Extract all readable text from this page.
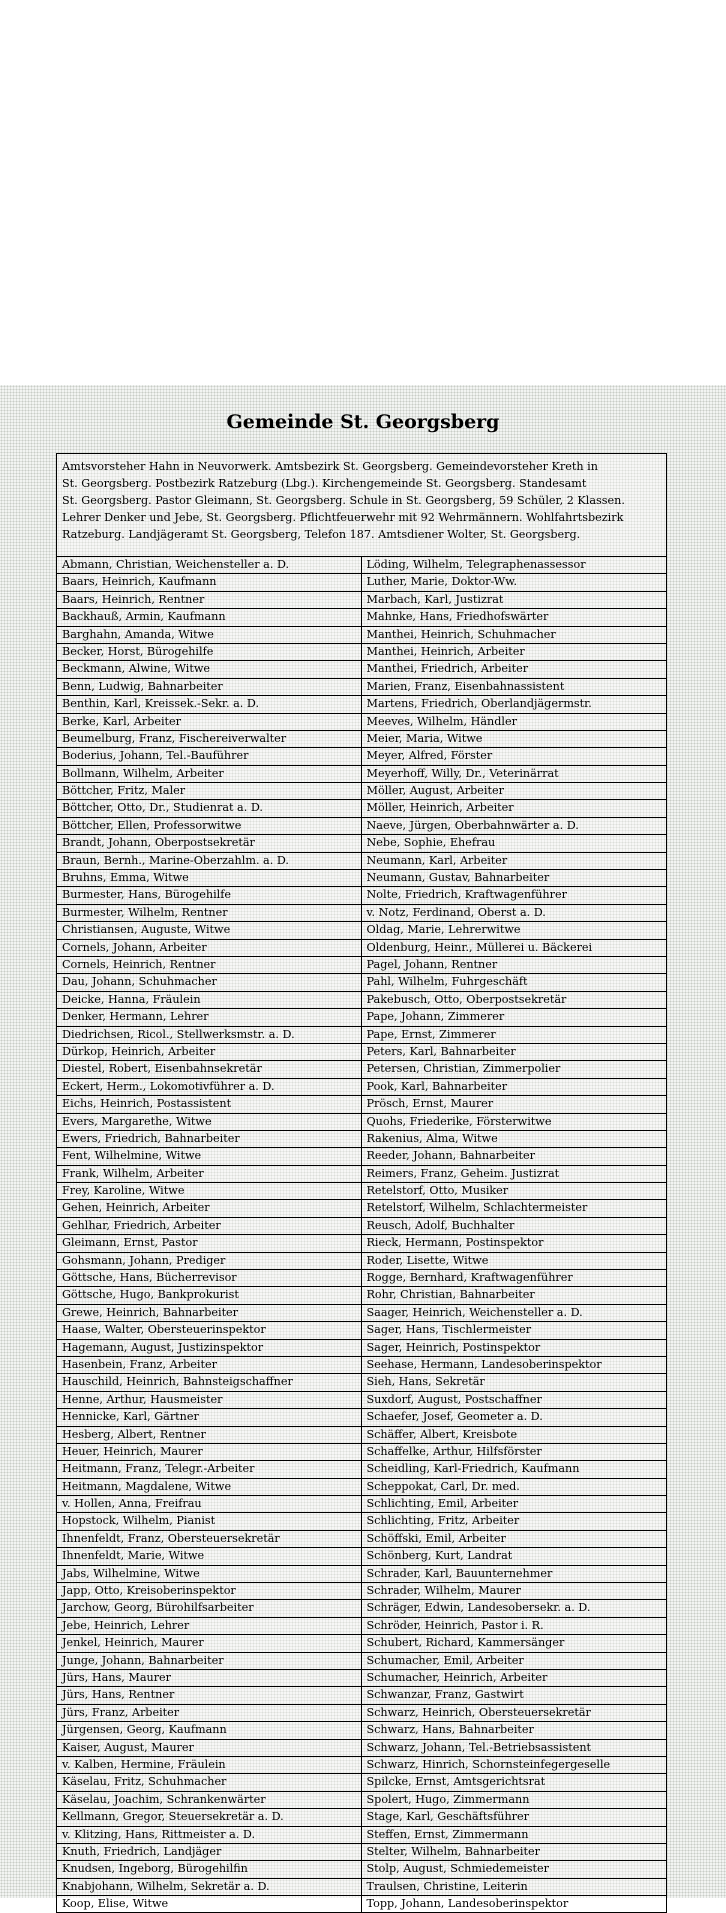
Gemeinde St. Georgsberg
Amtsvorsteher Hahn in Neuvorwerk. Amtsbezirk St. Georgsberg. Gemeindevorsteher Kreth in
St. Georgsberg. Postbezirk Ratzeburg (Lbg.). Kirchengemeinde St. Georgsberg. Standesamt
St. Georgsberg. Pastor Gleimann, St. Georgsberg. Schule in St. Georgsberg, 59 Schüler, 2 Klassen.
Lehrer Denker und Jebe, St. Georgsberg. Pflichtfeuerwehr mit 92 Wehrmännern. Wohlfahrtsbezirk
Ratzeburg. Landjägeramt St. Georgsberg, Telefon 187. Amtsdiener Wolter, St. Georgsberg.
Abmann, Christian, Weichensteller a. D.	Löding, Wilhelm, Telegraphenassessor
Baars, Heinrich, Kaufmann	Luther, Marie, Doktor-Ww.
Baars, Heinrich, Rentner	Marbach, Karl, Justizrat
Backhauß, Armin, Kaufmann	Mahnke, Hans, Friedhofswärter
Barghahn, Amanda, Witwe	Manthei, Heinrich, Schuhmacher
Becker, Horst, Bürogehilfe	Manthei, Heinrich, Arbeiter
Beckmann, Alwine, Witwe	Manthei, Friedrich, Arbeiter
Benn, Ludwig, Bahnarbeiter	Marien, Franz, Eisenbahnassistent
Benthin, Karl, Kreissek.-Sekr. a. D.	Martens, Friedrich, Oberlandjägermstr.
Berke, Karl, Arbeiter	Meeves, Wilhelm, Händler
Beumelburg, Franz, Fischereiverwalter	Meier, Maria, Witwe
Boderius, Johann, Tel.-Bauführer	Meyer, Alfred, Förster
Bollmann, Wilhelm, Arbeiter	Meyerhoff, Willy, Dr., Veterinärrat
Böttcher, Fritz, Maler	Möller, August, Arbeiter
Böttcher, Otto, Dr., Studienrat a. D.	Möller, Heinrich, Arbeiter
Böttcher, Ellen, Professorwitwe	Naeve, Jürgen, Oberbahnwärter a. D.
Brandt, Johann, Oberpostsekretär	Nebe, Sophie, Ehefrau
Braun, Bernh., Marine-Oberzahlm. a. D.	Neumann, Karl, Arbeiter
Bruhns, Emma, Witwe	Neumann, Gustav, Bahnarbeiter
Burmester, Hans, Bürogehilfe	Nolte, Friedrich, Kraftwagenführer
Burmester, Wilhelm, Rentner	v. Notz, Ferdinand, Oberst a. D.
Christiansen, Auguste, Witwe	Oldag, Marie, Lehrerwitwe
Cornels, Johann, Arbeiter	Oldenburg, Heinr., Müllerei u. Bäckerei
Cornels, Heinrich, Rentner	Pagel, Johann, Rentner
Dau, Johann, Schuhmacher	Pahl, Wilhelm, Fuhrgeschäft
Deicke, Hanna, Fräulein	Pakebusch, Otto, Oberpostsekretär
Denker, Hermann, Lehrer	Pape, Johann, Zimmerer
Diedrichsen, Ricol., Stellwerksmstr. a. D.	Pape, Ernst, Zimmerer
Dürkop, Heinrich, Arbeiter	Peters, Karl, Bahnarbeiter
Diestel, Robert, Eisenbahnsekretär	Petersen, Christian, Zimmerpolier
Eckert, Herm., Lokomotivführer a. D.	Pook, Karl, Bahnarbeiter
Eichs, Heinrich, Postassistent	Prösch, Ernst, Maurer
Evers, Margarethe, Witwe	Quohs, Friederike, Försterwitwe
Ewers, Friedrich, Bahnarbeiter	Rakenius, Alma, Witwe
Fent, Wilhelmine, Witwe	Reeder, Johann, Bahnarbeiter
Frank, Wilhelm, Arbeiter	Reimers, Franz, Geheim. Justizrat
Frey, Karoline, Witwe	Retelstorf, Otto, Musiker
Gehen, Heinrich, Arbeiter	Retelstorf, Wilhelm, Schlachtermeister
Gehlhar, Friedrich, Arbeiter	Reusch, Adolf, Buchhalter
Gleimann, Ernst, Pastor	Rieck, Hermann, Postinspektor
Gohsmann, Johann, Prediger	Roder, Lisette, Witwe
Göttsche, Hans, Bücherrevisor	Rogge, Bernhard, Kraftwagenführer
Göttsche, Hugo, Bankprokurist	Rohr, Christian, Bahnarbeiter
Grewe, Heinrich, Bahnarbeiter	Saager, Heinrich, Weichensteller a. D.
Haase, Walter, Obersteuerinspektor	Sager, Hans, Tischlermeister
Hagemann, August, Justizinspektor	Sager, Heinrich, Postinspektor
Hasenbein, Franz, Arbeiter	Seehase, Hermann, Landesoberinspektor
Hauschild, Heinrich, Bahnsteigschaffner	Sieh, Hans, Sekretär
Henne, Arthur, Hausmeister	Suxdorf, August, Postschaffner
Hennicke, Karl, Gärtner	Schaefer, Josef, Geometer a. D.
Hesberg, Albert, Rentner	Schäffer, Albert, Kreisbote
Heuer, Heinrich, Maurer	Schaffelke, Arthur, Hilfsförster
Heitmann, Franz, Telegr.-Arbeiter	Scheidling, Karl-Friedrich, Kaufmann
Heitmann, Magdalene, Witwe	Scheppokat, Carl, Dr. med.
v. Hollen, Anna, Freifrau	Schlichting, Emil, Arbeiter
Hopstock, Wilhelm, Pianist	Schlichting, Fritz, Arbeiter
Ihnenfeldt, Franz, Obersteuersekretär	Schöffski, Emil, Arbeiter
Ihnenfeldt, Marie, Witwe	Schönberg, Kurt, Landrat
Jabs, Wilhelmine, Witwe	Schrader, Karl, Bauunternehmer
Japp, Otto, Kreisoberinspektor	Schrader, Wilhelm, Maurer
Jarchow, Georg, Bürohilfsarbeiter	Schräger, Edwin, Landesobersekr. a. D.
Jebe, Heinrich, Lehrer	Schröder, Heinrich, Pastor i. R.
Jenkel, Heinrich, Maurer	Schubert, Richard, Kammersänger
Junge, Johann, Bahnarbeiter	Schumacher, Emil, Arbeiter
Jürs, Hans, Maurer	Schumacher, Heinrich, Arbeiter
Jürs, Hans, Rentner	Schwanzar, Franz, Gastwirt
Jürs, Franz, Arbeiter	Schwarz, Heinrich, Obersteuersekretär
Jürgensen, Georg, Kaufmann	Schwarz, Hans, Bahnarbeiter
Kaiser, August, Maurer	Schwarz, Johann, Tel.-Betriebsassistent
v. Kalben, Hermine, Fräulein	Schwarz, Hinrich, Schornsteinfegergeselle
Käselau, Fritz, Schuhmacher	Spilcke, Ernst, Amtsgerichtsrat
Käselau, Joachim, Schrankenwärter	Spolert, Hugo, Zimmermann
Kellmann, Gregor, Steuersekretär a. D.	Stage, Karl, Geschäftsführer
v. Klitzing, Hans, Rittmeister a. D.	Steffen, Ernst, Zimmermann
Knuth, Friedrich, Landjäger	Stelter, Wilhelm, Bahnarbeiter
Knudsen, Ingeborg, Bürogehilfin	Stolp, August, Schmiedemeister
Knabjohann, Wilhelm, Sekretär a. D.	Traulsen, Christine, Leiterin
Koop, Elise, Witwe	Topp, Johann, Landesoberinspektor
